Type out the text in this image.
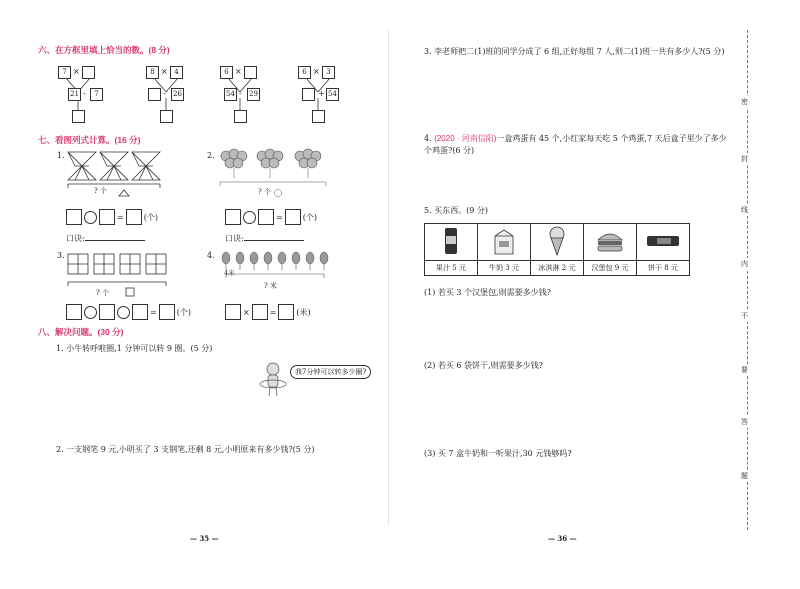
六、在方框里填上恰当的数。(8 分)
7 ×
21 -	7
8 × 4
- 26
6 ×
54 - 29
6 × 3
+ 54
七、看图列式计算。(16 分)
1.
? 个
2.
? 个
=	(个)	=	(个)
口诀:	口诀:
3.
? 个
4.
4米
? 米
=	(个)	×	=	(米)
八、解决问题。(30 分)
1. 小牛转呼啦圈,1 分钟可以转 9 圈。(5 分)
我7分钟可以转多少圈?
2. 一支钢笔 9 元,小明买了 3 支钢笔,还剩 8 元,小明原来有多少钱?(5 分)
— 35 —
3. 李老师把二(1)班的同学分成了 6 组,正好每组 7 人,则二(1)班一共有多少人?(5 分)
4. (2020 · 河南信阳)一盒鸡蛋有 45 个,小红家每天吃 5 个鸡蛋,7 天后盒子里少了多少个鸡蛋?(6 分)
5. 买东西。(9 分)

果汁 5 元	牛奶 3 元	冰淇淋 2 元	汉堡包 9 元	饼干 8 元
(1) 若买 3 个汉堡包,则需要多少钱?
(2) 若买 6 袋饼干,则需要多少钱?
(3) 买 7 盒牛奶和一听果汁,30 元钱够吗?
— 36 —
密
封
线
内
不
要
答
题
